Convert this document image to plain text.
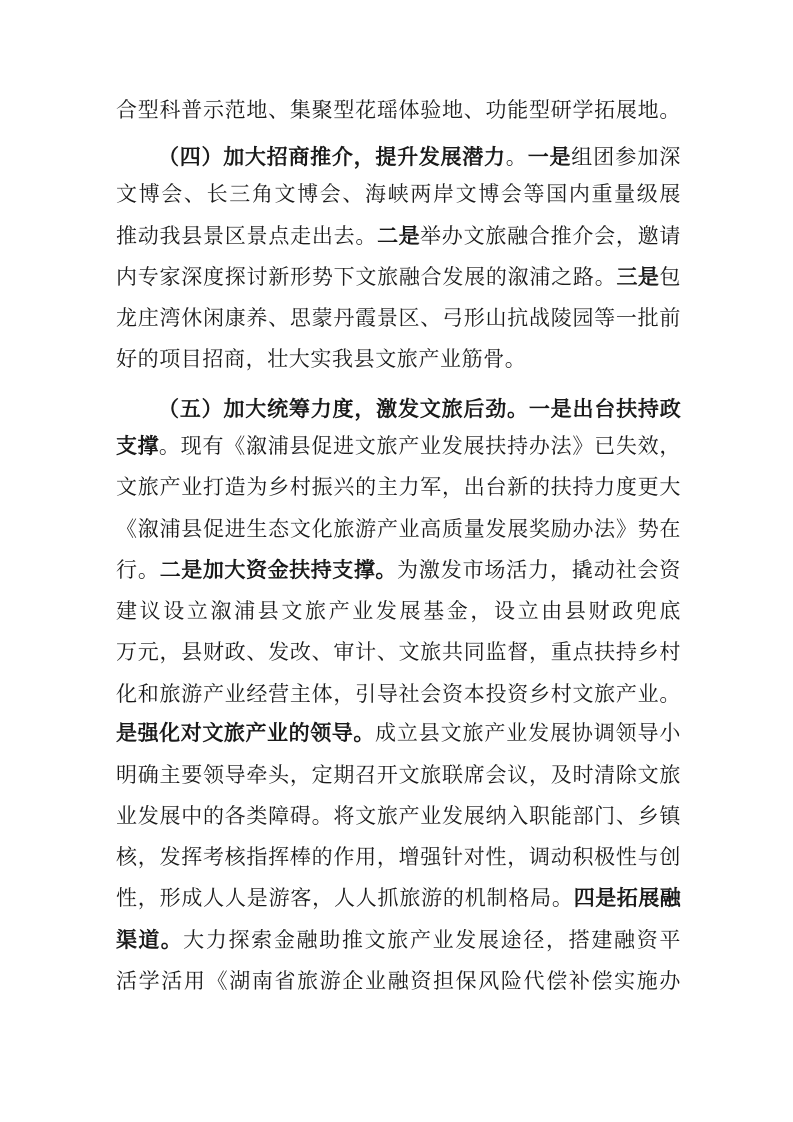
合型科普示范地、集聚型花瑶体验地、功能型研学拓展地。
（四）加大招商推介，提升发展潜力。一是组团参加深
文博会、长三角文博会、海峡两岸文博会等国内重量级展
推动我县景区景点走出去。二是举办文旅融合推介会，邀请
内专家深度探讨新形势下文旅融合发展的溆浦之路。三是包
龙庄湾休闲康养、思蒙丹霞景区、弓形山抗战陵园等一批前
好的项目招商，壮大实我县文旅产业筋骨。
（五）加大统筹力度，激发文旅后劲。一是出台扶持政
支撑。现有《溆浦县促进文旅产业发展扶持办法》已失效，
文旅产业打造为乡村振兴的主力军，出台新的扶持力度更大
《溆浦县促进生态文化旅游产业高质量发展奖励办法》势在
行。二是加大资金扶持支撑。为激发市场活力，撬动社会资
建议设立溆浦县文旅产业发展基金，设立由县财政兜底
万元，县财政、发改、审计、文旅共同监督，重点扶持乡村
化和旅游产业经营主体，引导社会资本投资乡村文旅产业。
是强化对文旅产业的领导。成立县文旅产业发展协调领导小
明确主要领导牵头，定期召开文旅联席会议，及时清除文旅
业发展中的各类障碍。将文旅产业发展纳入职能部门、乡镇
核，发挥考核指挥棒的作用，增强针对性，调动积极性与创
性，形成人人是游客，人人抓旅游的机制格局。四是拓展融
渠道。大力探索金融助推文旅产业发展途径，搭建融资平
活学活用《湖南省旅游企业融资担保风险代偿补偿实施办
